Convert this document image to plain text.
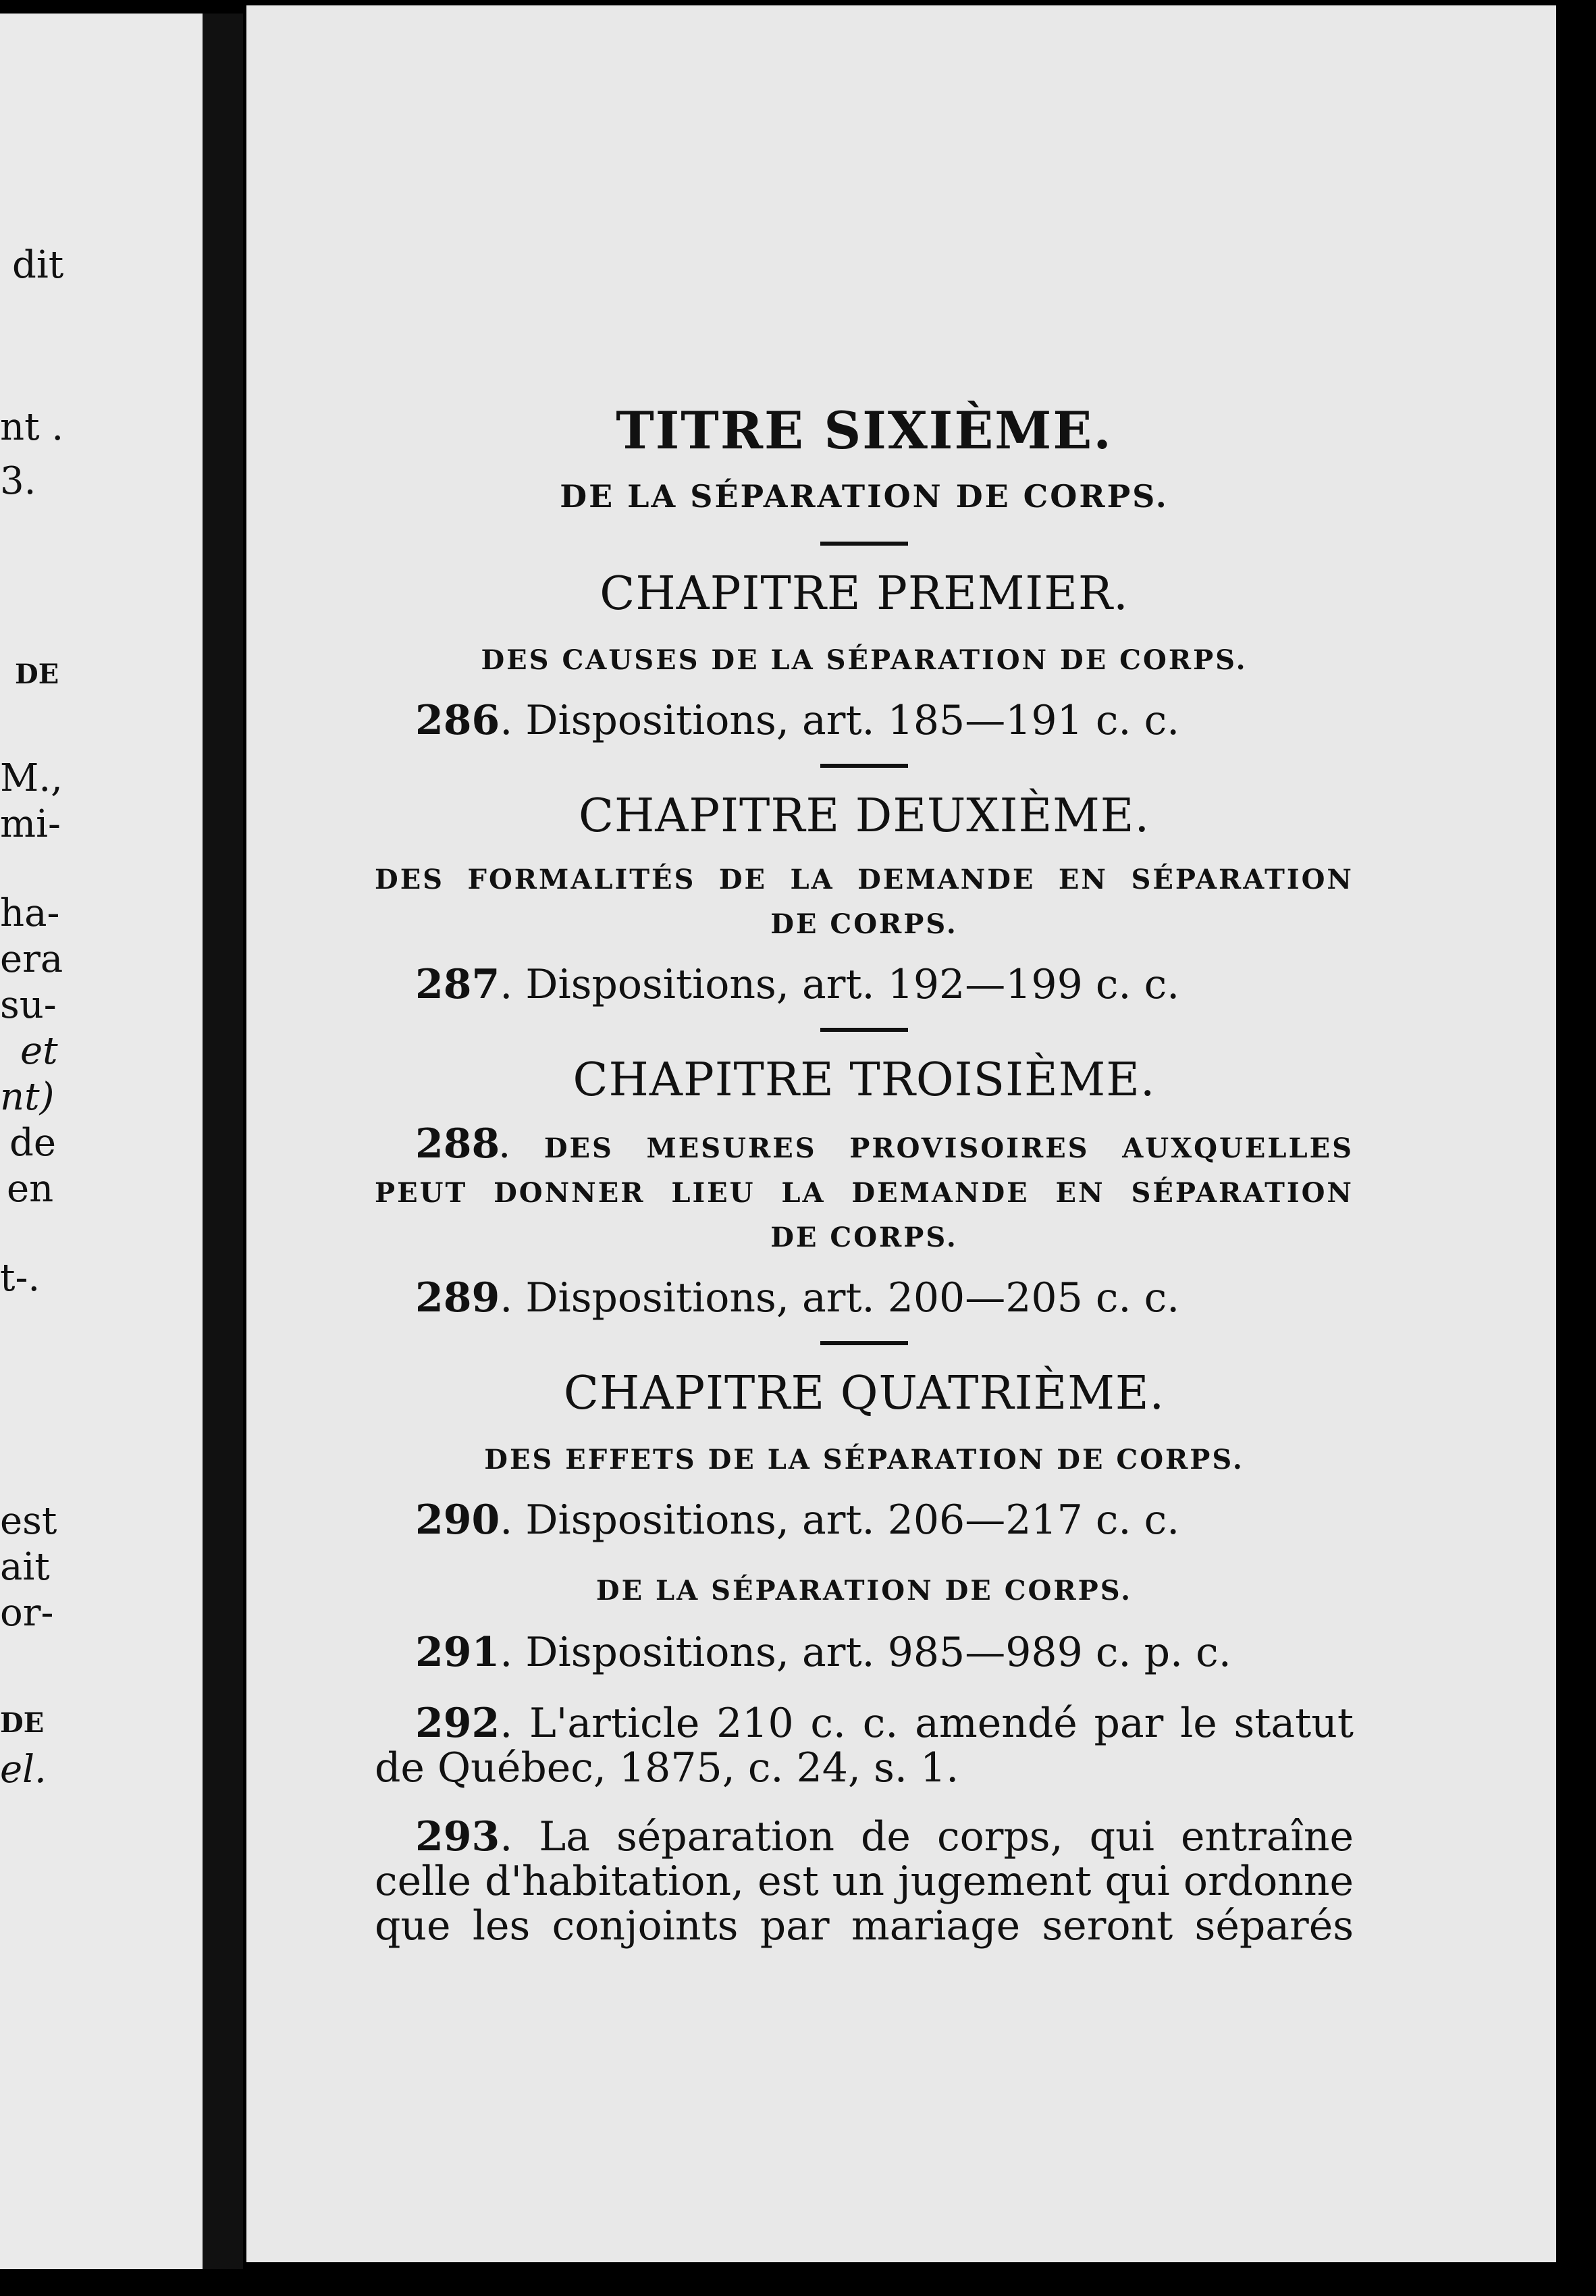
dit
nt .
3.
DE
M.,
mi-
ha-
era
su-
et
nt)
de
en
t-.
est
ait
or-
DE
el.

TITRE SIXIÈME.

DE LA SÉPARATION DE CORPS.

CHAPITRE PREMIER.

DES CAUSES DE LA SÉPARATION DE CORPS.

286. Dispositions, art. 185—191 c. c.

CHAPITRE DEUXIÈME.

DES FORMALITÉS DE LA DEMANDE EN SÉPARATION
DE CORPS.

287. Dispositions, art. 192—199 c. c.

CHAPITRE TROISIÈME.

288. DES MESURES PROVISOIRES AUXQUELLES
PEUT DONNER LIEU LA DEMANDE EN SÉPARATION
DE CORPS.

289. Dispositions, art. 200—205 c. c.

CHAPITRE QUATRIÈME.

DES EFFETS DE LA SÉPARATION DE CORPS.

290. Dispositions, art. 206—217 c. c.

DE LA SÉPARATION DE CORPS.

291. Dispositions, art. 985—989 c. p. c.

292. L'article 210 c. c. amendé par le statut
de Québec, 1875, c. 24, s. 1.
293. La séparation de corps, qui entraîne
celle d'habitation, est un jugement qui ordonne
que les conjoints par mariage seront séparés
